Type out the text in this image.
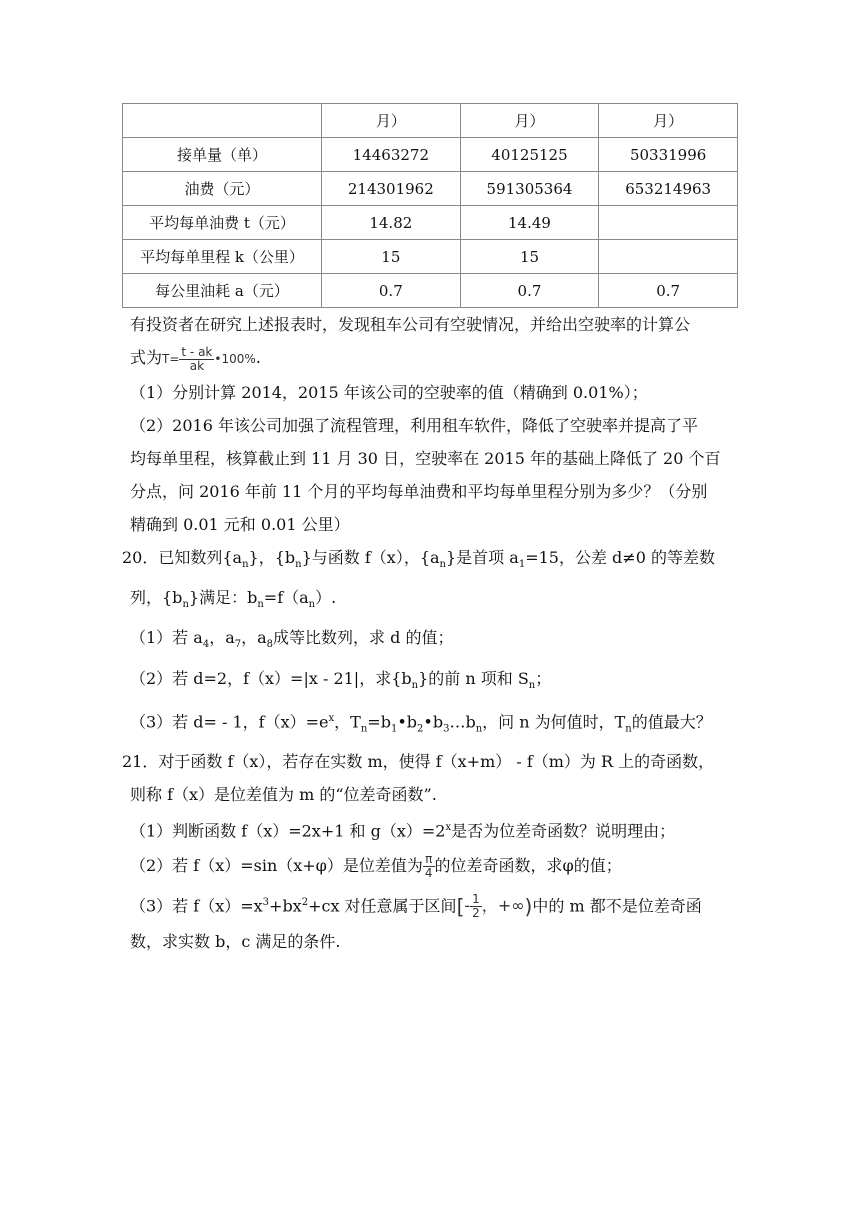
	月）	月）	月）
接单量（单）	14463272	40125125	50331996
油费（元）	214301962	591305364	653214963
平均每单油费 t（元）	14.82	14.49	
平均每单里程 k（公里）	15	15	
每公里油耗 a（元）	0.7	0.7	0.7

有投资者在研究上述报表时，发现租车公司有空驶情况，并给出空驶率的计算公

式为$T= \frac{t - ak}{ak}$ •100%.

（1）分别计算 2014，2015 年该公司的空驶率的值（精确到 0.01%）；

（2）2016 年该公司加强了流程管理，利用租车软件，降低了空驶率并提高了平

均每单里程，核算截止到 11 月 30 日，空驶率在 2015 年的基础上降低了 20 个百

分点，问 2016 年前 11 个月的平均每单油费和平均每单里程分别为多少？（分别

精确到 0.01 元和 0.01 公里）

20．已知数列$\{a_n\}$，$\{b_n\}$与函数 f（x），$\{a_n\}$是首项 $a_1=15$，公差 d≠0 的等差数

列，$\{b_n\}$满足：$b_n=f(a_n)$.

（1）若 $a_4$，$a_7$，$a_8$成等比数列，求 d 的值；

（2）若 d=2，f（x）=|x - 21|，求$\{b_n\}$的前 n 项和 $S_n$；

（3）若 d= - 1，$f(x)=e^x$，$T_n=b_1•b_2•b_3\dots b_n$，问 n 为何值时，$T_n$的值最大？

21．对于函数 f（x），若存在实数 m，使得 f（x+m） - f（m）为 R 上的奇函数，

则称 f（x）是位差值为 m 的“位差奇函数”.

（1）判断函数 f（x）=2x+1 和 $g(x)=2^x$是否为位差奇函数？说明理由；

（2）若 f（x）=sin（x+φ）是位差值为 $\frac{\pi}{4}$ 的位差奇函数，求φ的值；

（3）若 $f(x)=x^3+bx^2+cx$ 对任意属于区间[- $\frac{1}{2}$ ，+∞)中的 m 都不是位差奇函

数，求实数 b，c 满足的条件.
